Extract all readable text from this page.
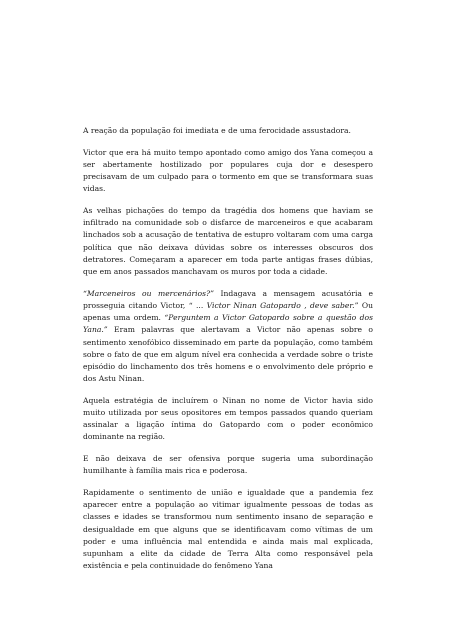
A reação da população foi imediata e de uma ferocidade assustadora.

Victor que era há muito tempo apontado como amigo dos Yana começou a ser abertamente hostilizado por populares cuja dor e desespero precisavam de um culpado para o tormento em que se transformara suas vidas.

As velhas pichações do tempo da tragédia dos homens que haviam se infiltrado na comunidade sob o disfarce de marceneiros e que acabaram linchados sob a acusação de tentativa de estupro voltaram com uma carga política que não deixava dúvidas sobre os interesses obscuros dos detratores. Começaram a aparecer em toda parte antigas frases dúbias, que em anos passados manchavam os muros por toda a cidade.

“Marceneiros ou mercenários?” Indagava a mensagem acusatória e prosseguia citando Victor, “ ... Victor Ninan Gatopardo , deve saber.” Ou apenas uma ordem. “Perguntem a Victor Gatopardo sobre a questão dos Yana.” Eram palavras que alertavam a Victor não apenas sobre o sentimento xenofóbico disseminado em parte da população, como também sobre o fato de que em algum nível era conhecida a verdade sobre o triste episódio do linchamento dos três homens e o envolvimento dele próprio e dos Astu Ninan.

Aquela estratégia de incluírem o Ninan no nome de Victor havia sido muito utilizada por seus opositores em tempos passados quando queriam assinalar a ligação íntima do Gatopardo com o poder econômico dominante na região.

E não deixava de ser ofensiva porque sugeria uma subordinação humilhante à família mais rica e poderosa.

Rapidamente o sentimento de união e igualdade que a pandemia fez aparecer entre a população ao vitimar igualmente pessoas de todas as classes e idades se transformou num sentimento insano de separação e desigualdade em que alguns que se identificavam como vítimas de um poder e uma influência mal entendida e ainda mais mal explicada, supunham a elite da cidade de Terra Alta como responsável pela existência e pela continuidade do fenômeno Yana
